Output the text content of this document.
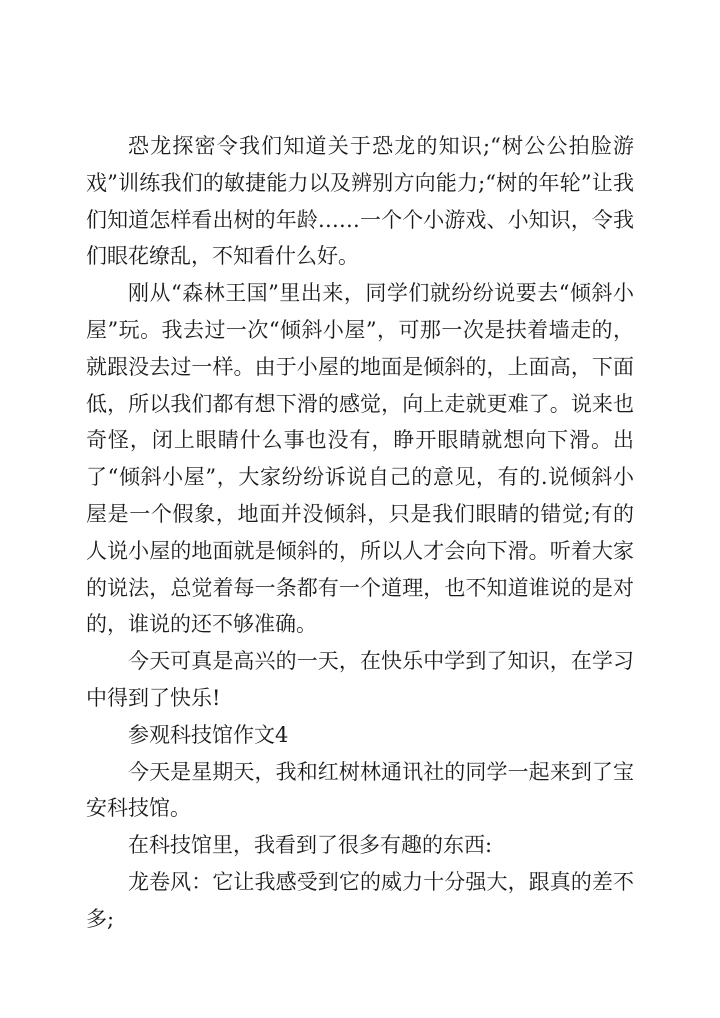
恐龙探密令我们知道关于恐龙的知识;“树公公拍脸游戏”训练我们的敏捷能力以及辨别方向能力;“树的年轮”让我们知道怎样看出树的年龄……一个个小游戏、小知识，令我们眼花缭乱，不知看什么好。

刚从“森林王国”里出来，同学们就纷纷说要去“倾斜小屋”玩。我去过一次“倾斜小屋”，可那一次是扶着墙走的，就跟没去过一样。由于小屋的地面是倾斜的，上面高，下面低，所以我们都有想下滑的感觉，向上走就更难了。说来也奇怪，闭上眼睛什么事也没有，睁开眼睛就想向下滑。出了“倾斜小屋”，大家纷纷诉说自己的意见，有的.说倾斜小屋是一个假象，地面并没倾斜，只是我们眼睛的错觉;有的人说小屋的地面就是倾斜的，所以人才会向下滑。听着大家的说法，总觉着每一条都有一个道理，也不知道谁说的是对的，谁说的还不够准确。

今天可真是高兴的一天，在快乐中学到了知识，在学习中得到了快乐!

参观科技馆作文4

今天是星期天，我和红树林通讯社的同学一起来到了宝安科技馆。

在科技馆里，我看到了很多有趣的东西:

龙卷风：它让我感受到它的威力十分强大，跟真的差不多;
